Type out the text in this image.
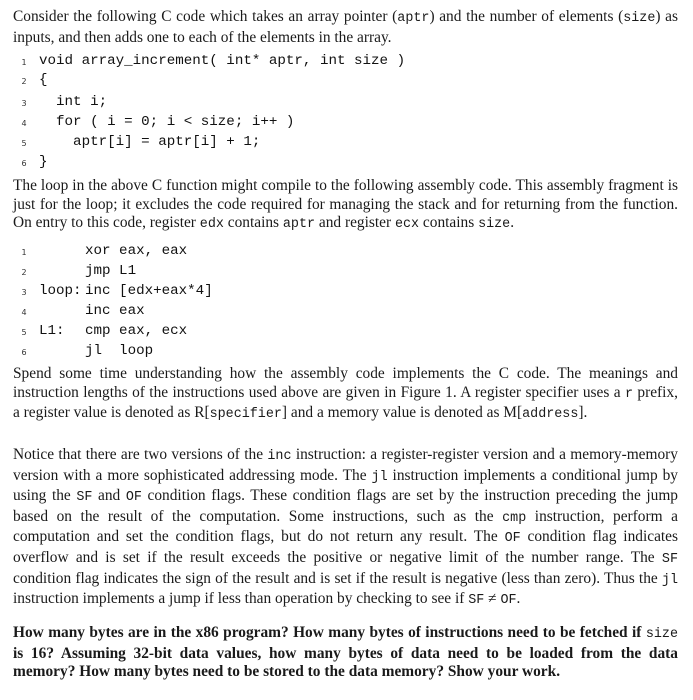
Consider the following C code which takes an array pointer (aptr) and the number of elements (size) as inputs, and then adds one to each of the elements in the array.

1 void array_increment( int* aptr, int size )
2 {
3 int i;
4 for ( i = 0; i < size; i++ )
5 aptr[i] = aptr[i] + 1;
6 }

The loop in the above C function might compile to the following assembly code. This assembly fragment is just for the loop; it excludes the code required for managing the stack and for returning from the function. On entry to this code, register edx contains aptr and register ecx contains size.

1	xor eax, eax
2	jmp L1
3 loop: inc [edx+eax*4]
4	inc eax
5 L1: cmp eax, ecx
6	jl  loop

Spend some time understanding how the assembly code implements the C code. The meanings and instruction lengths of the instructions used above are given in Figure 1. A register specifier uses a r prefix, a register value is denoted as R[specifier] and a memory value is denoted as M[address].

Notice that there are two versions of the inc instruction: a register-register version and a memory-memory version with a more sophisticated addressing mode. The jl instruction implements a conditional jump by using the SF and OF condition flags. These condition flags are set by the instruction preceding the jump based on the result of the computation. Some instructions, such as the cmp instruction, perform a computation and set the condition flags, but do not return any result. The OF condition flag indicates overflow and is set if the result exceeds the positive or negative limit of the number range. The SF condition flag indicates the sign of the result and is set if the result is negative (less than zero). Thus the jl instruction implements a jump if less than operation by checking to see if SF ≠ OF.

How many bytes are in the x86 program? How many bytes of instructions need to be fetched if size is 16? Assuming 32-bit data values, how many bytes of data need to be loaded from the data memory? How many bytes need to be stored to the data memory? Show your work.
